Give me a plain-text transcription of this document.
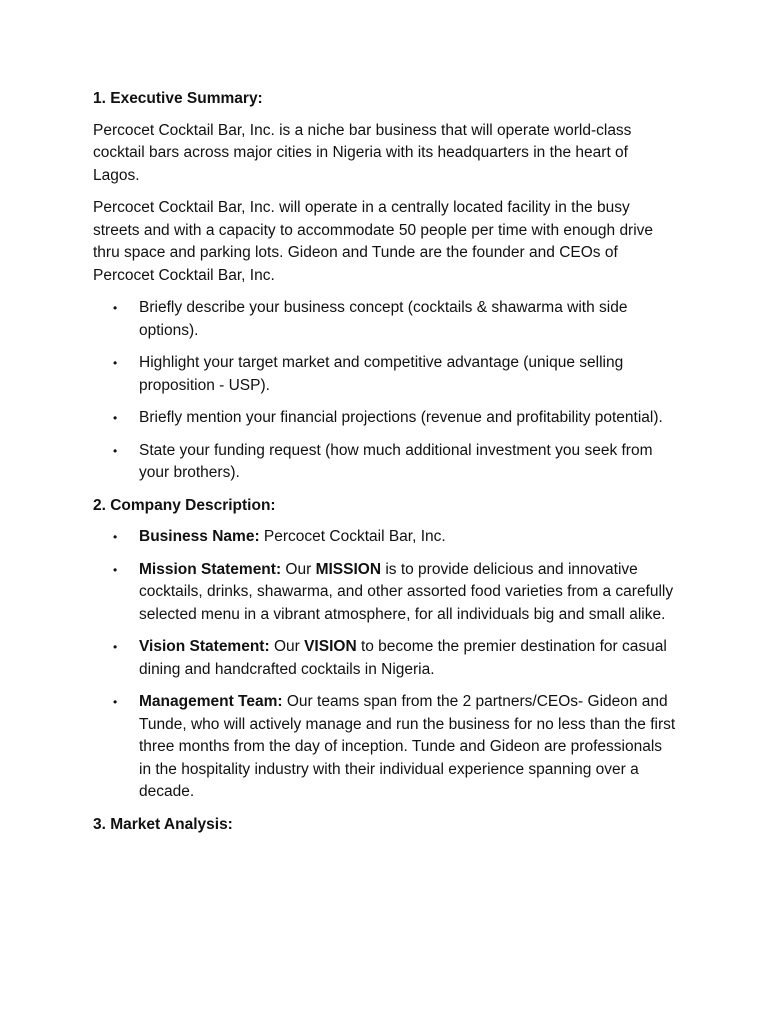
1. Executive Summary:

Percocet Cocktail Bar, Inc. is a niche bar business that will operate world-class cocktail bars across major cities in Nigeria with its headquarters in the heart of Lagos.

Percocet Cocktail Bar, Inc. will operate in a centrally located facility in the busy streets and with a capacity to accommodate 50 people per time with enough drive thru space and parking lots. Gideon and Tunde are the founder and CEOs of Percocet Cocktail Bar, Inc.

• Briefly describe your business concept (cocktails & shawarma with side options).
• Highlight your target market and competitive advantage (unique selling proposition - USP).
• Briefly mention your financial projections (revenue and profitability potential).
• State your funding request (how much additional investment you seek from your brothers).
2. Company Description:
• Business Name: Percocet Cocktail Bar, Inc.
• Mission Statement: Our MISSION is to provide delicious and innovative cocktails, drinks, shawarma, and other assorted food varieties from a carefully selected menu in a vibrant atmosphere, for all individuals big and small alike.
• Vision Statement: Our VISION to become the premier destination for casual dining and handcrafted cocktails in Nigeria.
• Management Team: Our teams span from the 2 partners/CEOs- Gideon and Tunde, who will actively manage and run the business for no less than the first three months from the day of inception. Tunde and Gideon are professionals in the hospitality industry with their individual experience spanning over a decade.
3. Market Analysis:
